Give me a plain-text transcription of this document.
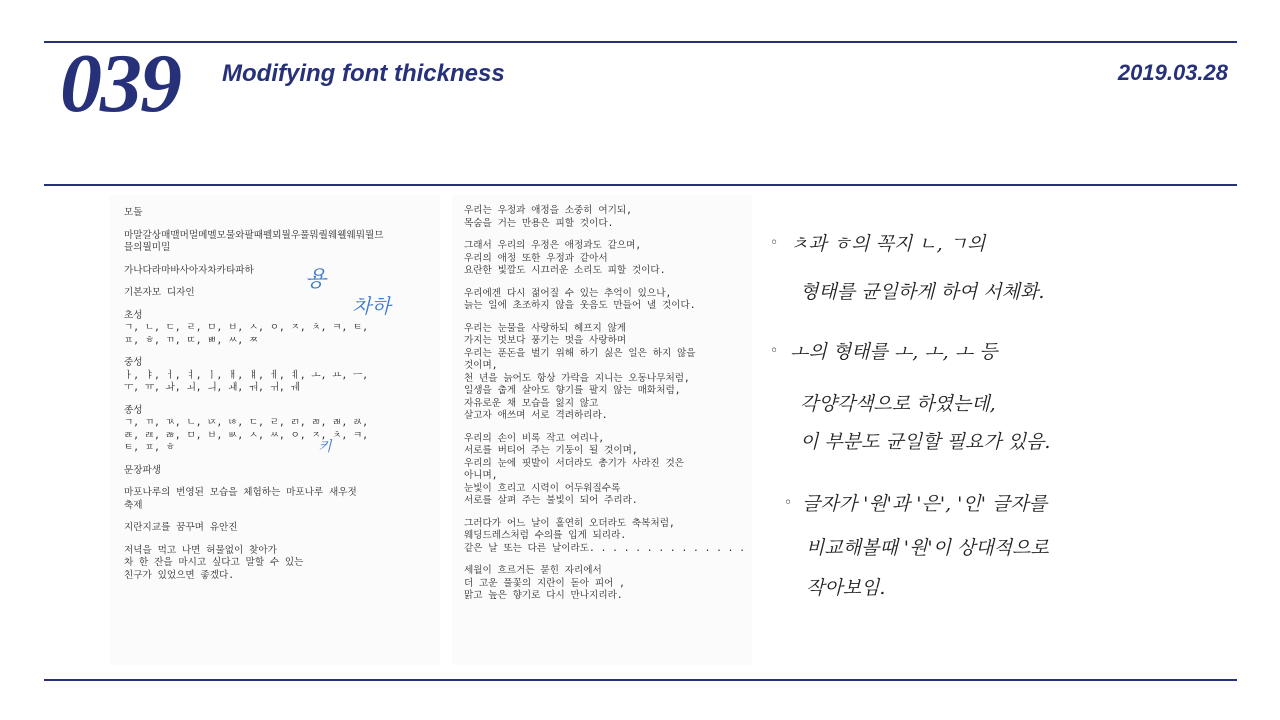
039 Modifying font thickness	2019.03.28
모돌
마말갈상매맬머멀메멜모물와팔때펠뫼뭘우풀뭐퀄웨웰웨뭐뭘므
믈의뭘미밀
가나다라마바사아자차카타파하
기본자모 디자인
초성
ㄱ, ㄴ, ㄷ, ㄹ, ㅁ, ㅂ, ㅅ, ㅇ, ㅈ, ㅊ, ㅋ, ㅌ,
ㅍ, ㅎ, ㄲ, ㄸ, ㅃ, ㅆ, ㅉ
중성
ㅏ, ㅑ, ㅓ, ㅕ, ㅣ, ㅐ, ㅒ, ㅔ, ㅖ, ㅗ, ㅛ, ㅡ,
ㅜ, ㅠ, ㅘ, ㅚ, ㅢ, ㅙ, ㅝ, ㅟ, ㅞ
종성
ㄱ, ㄲ, ㄳ, ㄴ, ㄵ, ㄶ, ㄷ, ㄹ, ㄺ, ㄻ, ㄼ, ㄽ,
ㄾ, ㄿ, ㅀ, ㅁ, ㅂ, ㅄ, ㅅ, ㅆ, ㅇ, ㅈ, ㅊ, ㅋ,
ㅌ, ㅍ, ㅎ
문장파생
마포나루의 번영된 모습을 체험하는 마포나루 새우젓
축제
지란지교를 꿈꾸며 유안진
저녁을 먹고 나면 허물없이 찾아가
차 한 잔을 마시고 싶다고 말할 수 있는
친구가 있었으면 좋겠다.
우리는 우정과 애정을 소중히 여기되,
목숨을 거는 만용은 피할 것이다.
그래서 우리의 우정은 애정과도 같으며,
우리의 애정 또한 우정과 같아서
요란한 빛깔도 시끄러운 소리도 피할 것이다.
우리에겐 다시 젊어질 수 있는 추억이 있으나,
늙는 일에 초조하지 않을 웃음도 만들어 낼 것이다.
우리는 눈물을 사랑하되 헤프지 않게
가지는 멋보다 풍기는 멋을 사랑하며
우리는 푼돈을 벌기 위해 하기 싫은 일은 하지 않을
것이며,
천 년을 늙어도 항상 가락을 지니는 오동나무처럼,
일생을 춥게 살아도 향기를 팔지 않는 매화처럼,
자유로운 채 모습을 잃지 않고
살고자 애쓰며 서로 격려하리라.
우리의 손이 비록 작고 여리나,
서로를 버티어 주는 기둥이 될 것이며,
우리의 눈에 핏발이 서더라도 총기가 사라진 것은
아니며,
눈빛이 흐리고 시력이 어두워질수록
서로를 살펴 주는 불빛이 되어 주리라.
그러다가 어느 날이 홀연히 오더라도 축복처럼,
웨딩드레스처럼 수의를 입게 되리라.
같은 날 또는 다른 날이라도. . . . . . . . . . . . . .
세월이 흐르거든 묻힌 자리에서
더 고운 풀꽃의 지란이 돋아 피어 ,
맑고 높은 향기로 다시 만나지리라.
◦ ㅊ과 ㅎ의 꼭지 ㄴ, ㄱ의
형태를 균일하게 하여 서체화.
◦ ㅗ의 형태를 ㅗ, ㅗ, ㅗ 등
각양각색으로 하였는데,
이 부분도 균일할 필요가 있음.
◦ 글자가 '원'과 '은', '인' 글자를
비교해볼때 '원'이 상대적으로
작아보임.
용
차하
키
